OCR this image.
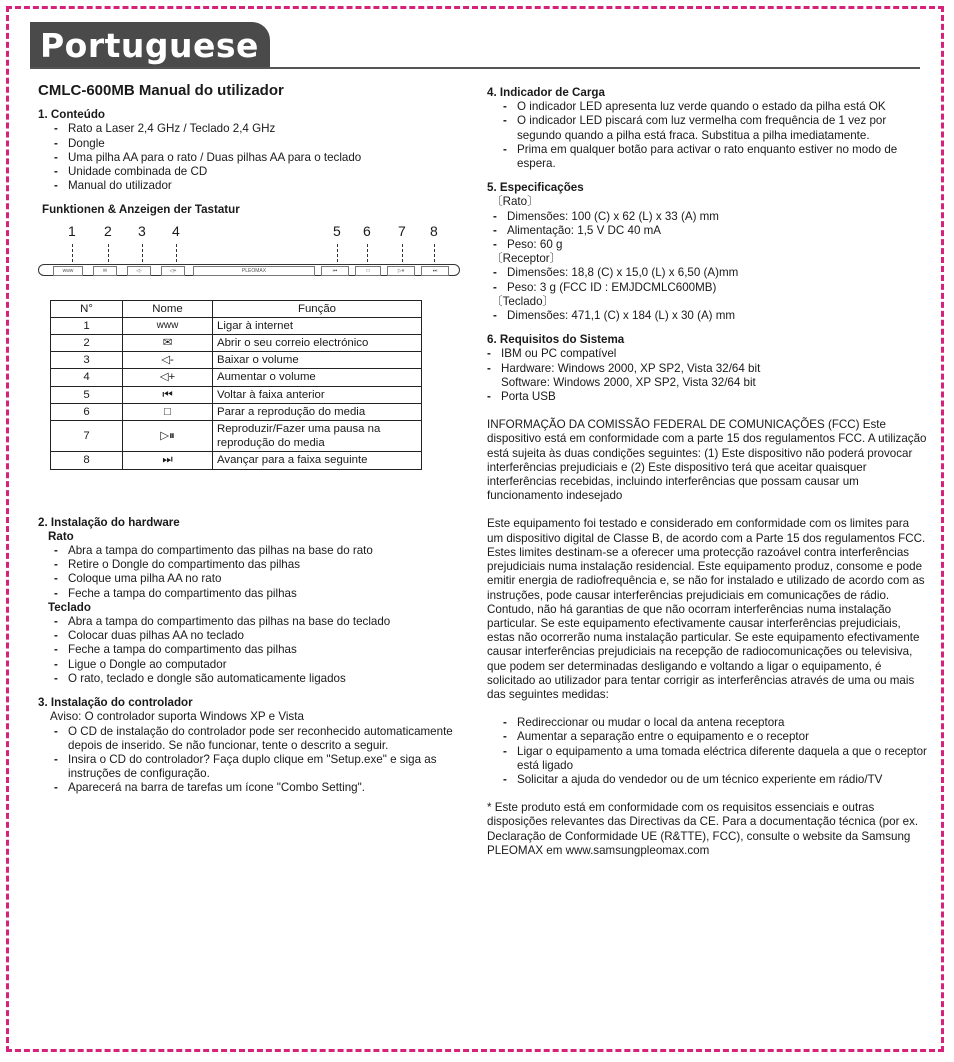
Portuguese

CMLC-600MB Manual do utilizador

1. Conteúdo

- Rato a Laser 2,4 GHz / Teclado 2,4 GHz
- Dongle
- Uma pilha AA para o rato / Duas pilhas AA para o teclado
- Unidade combinada de CD
- Manual do utilizador

Funktionen & Anzeigen der Tastatur

1 2 3 4	5 6 7 8
www	✉	◁-	◁+	PLEOMAX	⏮	□	▷⏸	⏭
N°	Nome	Função
1	www	Ligar à internet
2	✉	Abrir o seu correio electrónico
3	◁-	Baixar o volume
4	◁+	Aumentar o volume
5	⏮	Voltar à faixa anterior
6	□	Parar a reprodução do media
7	▷⏸	Reproduzir/Fazer uma pausa na reprodução do media
8	⏭	Avançar para a faixa seguinte

2. Instalação do hardware

Rato

- Abra a tampa do compartimento das pilhas na base do rato
- Retire o Dongle do compartimento das pilhas
- Coloque uma pilha AA no rato
- Feche a tampa do compartimento das pilhas

Teclado

- Abra a tampa do compartimento das pilhas na base do teclado
- Colocar duas pilhas AA no teclado
- Feche a tampa do compartimento das pilhas
- Ligue o Dongle ao computador
- O rato, teclado e dongle são automaticamente ligados

3. Instalação do controlador

Aviso: O controlador suporta Windows XP e Vista

- O CD de instalação do controlador pode ser reconhecido automaticamente depois de inserido. Se não funcionar, tente o descrito a seguir.
- Insira o CD do controlador? Faça duplo clique em "Setup.exe" e siga as instruções de configuração.
- Aparecerá na barra de tarefas um ícone "Combo Setting".

4. Indicador de Carga

- O indicador LED apresenta luz verde quando o estado da pilha está OK
- O indicador LED piscará com luz vermelha com frequência de 1 vez por segundo quando a pilha está fraca. Substitua a pilha imediatamente.
- Prima em qualquer botão para activar o rato enquanto estiver no modo de espera.

5. Especificações

〔Rato〕

- Dimensões: 100 (C) x 62 (L) x 33 (A) mm
- Alimentação: 1,5 V DC 40 mA
- Peso: 60 g

〔Receptor〕

- Dimensões: 18,8 (C) x 15,0 (L) x 6,50 (A)mm
- Peso: 3 g (FCC ID : EMJDCMLC600MB)

〔Teclado〕

- Dimensões: 471,1 (C) x 184 (L) x 30 (A) mm

6. Requisitos do Sistema

- IBM ou PC compatível
- Hardware: Windows 2000, XP SP2, Vista 32/64 bit
Software: Windows 2000, XP SP2, Vista 32/64 bit
- Porta USB

INFORMAÇÃO DA COMISSÃO FEDERAL DE COMUNICAÇÕES (FCC) Este dispositivo está em conformidade com a parte 15 dos regulamentos FCC. A utilização está sujeita às duas condições seguintes: (1) Este dispositivo não poderá provocar interferências prejudiciais e (2) Este dispositivo terá que aceitar quaisquer interferências recebidas, incluindo interferências que possam causar um funcionamento indesejado

Este equipamento foi testado e considerado em conformidade com os limites para um dispositivo digital de Classe B, de acordo com a Parte 15 dos regulamentos FCC. Estes limites destinam-se a oferecer uma protecção razoável contra interferências prejudiciais numa instalação residencial. Este equipamento produz, consome e pode emitir energia de radiofrequência e, se não for instalado e utilizado de acordo com as instruções, pode causar interferências prejudiciais em comunicações de rádio. Contudo, não há garantias de que não ocorram interferências numa instalação particular. Se este equipamento efectivamente causar interferências prejudiciais, estas não ocorrerão numa instalação particular. Se este equipamento efectivamente causar interferências prejudiciais na recepção de radiocomunicações ou televisiva, que podem ser determinadas desligando e voltando a ligar o equipamento, é solicitado ao utilizador para tentar corrigir as interferências através de uma ou mais das seguintes medidas:

- Redireccionar ou mudar o local da antena receptora
- Aumentar a separação entre o equipamento e o receptor
- Ligar o equipamento a uma tomada eléctrica diferente daquela a que o receptor está ligado
- Solicitar a ajuda do vendedor ou de um técnico experiente em rádio/TV

* Este produto está em conformidade com os requisitos essenciais e outras disposições relevantes das Directivas da CE. Para a documentação técnica (por ex. Declaração de Conformidade UE (R&TTE), FCC), consulte o website da Samsung PLEOMAX em www.samsungpleomax.com
